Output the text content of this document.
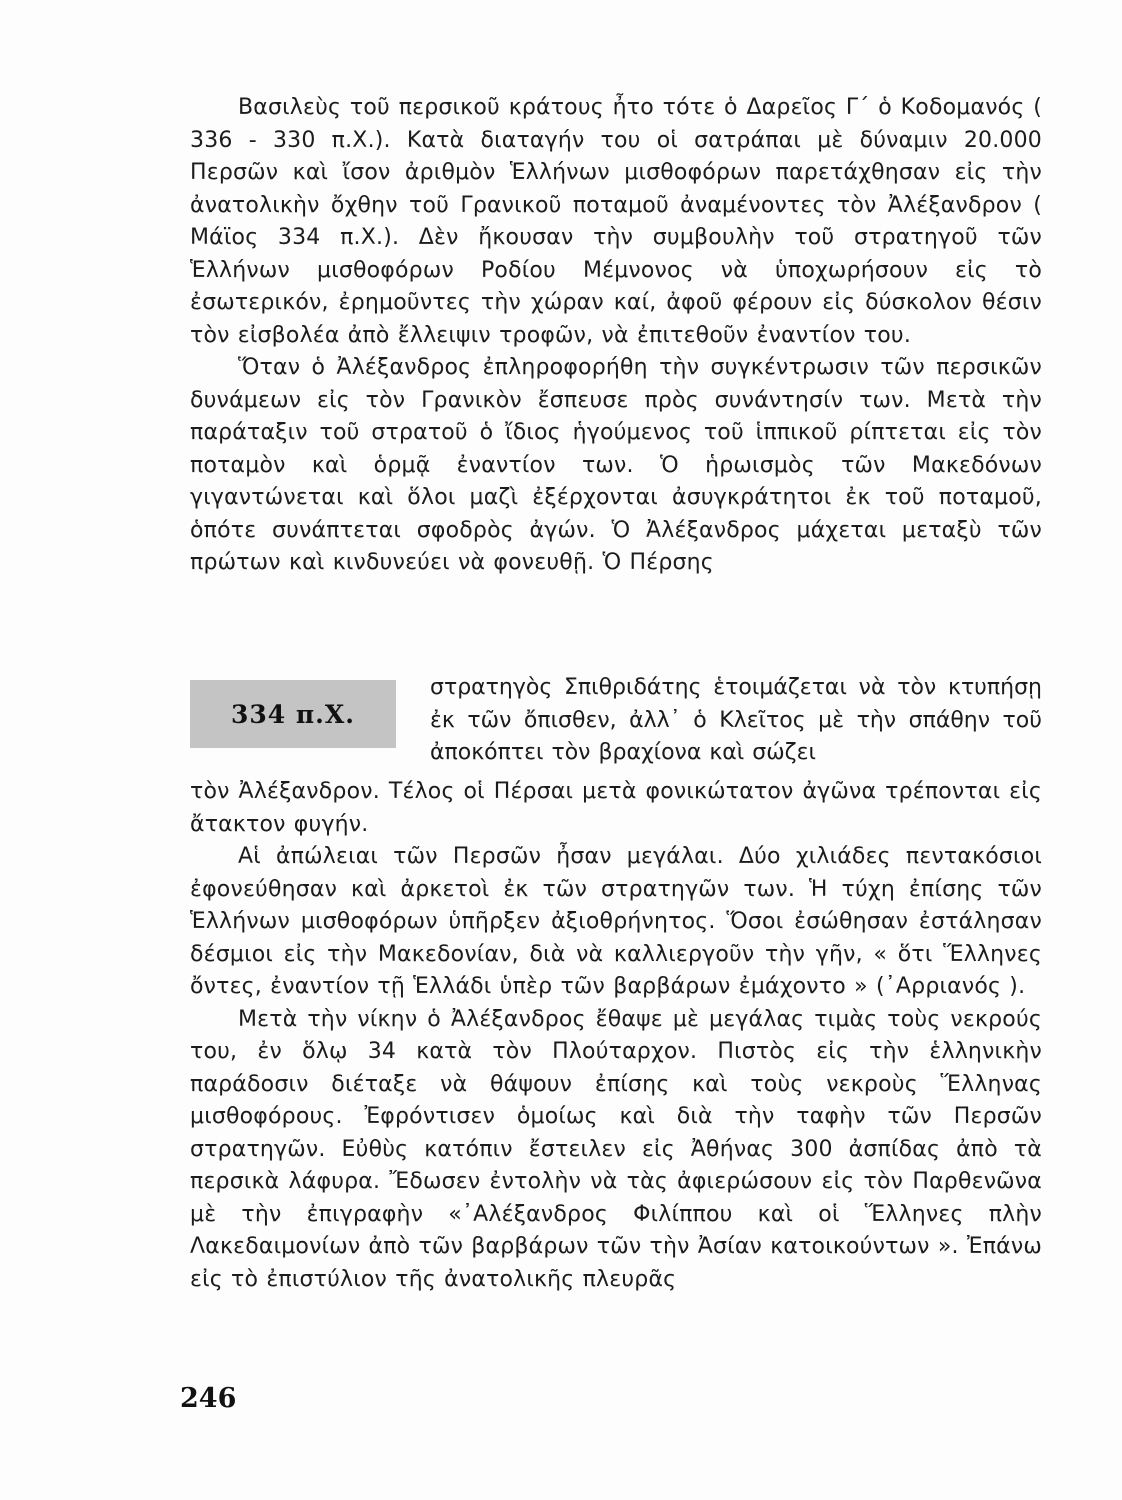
Βασιλεὺς τοῦ περσικοῦ κράτους ἦτο τότε ὁ Δαρεῖος Γ΄ ὁ Κοδομανός ( 336 - 330 π.Χ.). Κατὰ διαταγήν του οἱ σατράπαι μὲ δύναμιν 20.000 Περσῶν καὶ ἴσον ἀριθμὸν Ἑλλήνων μισθοφόρων παρετάχθησαν εἰς τὴν ἀνατολικὴν ὄχθην τοῦ Γρανικοῦ ποταμοῦ ἀναμένοντες τὸν Ἀλέξανδρον ( Μάϊος 334 π.Χ.). Δὲν ἤκουσαν τὴν συμβουλὴν τοῦ στρατηγοῦ τῶν Ἑλλήνων μισθοφόρων Ροδίου Μέμνονος νὰ ὑποχωρήσουν εἰς τὸ ἐσωτερικόν, ἐρημοῦντες τὴν χώραν καί, ἀφοῦ φέρουν εἰς δύσκολον θέσιν τὸν εἰσβολέα ἀπὸ ἔλλειψιν τροφῶν, νὰ ἐπιτεθοῦν ἐναντίον του.

Ὅταν ὁ Ἀλέξανδρος ἐπληροφορήθη τὴν συγκέντρωσιν τῶν περσικῶν δυνάμεων εἰς τὸν Γρανικὸν ἔσπευσε πρὸς συνάντησίν των. Μετὰ τὴν παράταξιν τοῦ στρατοῦ ὁ ἴδιος ἡγούμενος τοῦ ἱππικοῦ ρίπτεται εἰς τὸν ποταμὸν καὶ ὁρμᾷ ἐναντίον των. Ὁ ἡρωισμὸς τῶν Μακεδόνων γιγαντώνεται καὶ ὅλοι μαζὶ ἐξέρχονται ἀσυγκράτητοι ἐκ τοῦ ποταμοῦ, ὁπότε συνάπτεται σφοδρὸς ἀγών. Ὁ Ἀλέξανδρος μάχεται μεταξὺ τῶν πρώτων καὶ κινδυνεύει νὰ φονευθῇ. Ὁ Πέρσης

334 π.Χ.
στρατηγὸς Σπιθριδάτης ἑτοιμάζεται νὰ τὸν κτυπήσῃ ἐκ τῶν ὄπισθεν, ἀλλ᾽ ὁ Κλεῖτος μὲ τὴν σπάθην τοῦ ἀποκόπτει τὸν βραχίονα καὶ σώζει

τὸν Ἀλέξανδρον. Τέλος οἱ Πέρσαι μετὰ φονικώτατον ἀγῶνα τρέπονται εἰς ἄτακτον φυγήν.

Αἱ ἀπώλειαι τῶν Περσῶν ἦσαν μεγάλαι. Δύο χιλιάδες πεντακόσιοι ἐφονεύθησαν καὶ ἀρκετοὶ ἐκ τῶν στρατηγῶν των. Ἡ τύχη ἐπίσης τῶν Ἑλλήνων μισθοφόρων ὑπῆρξεν ἀξιοθρήνητος. Ὅσοι ἐσώθησαν ἐστάλησαν δέσμιοι εἰς τὴν Μακεδονίαν, διὰ νὰ καλλιεργοῦν τὴν γῆν, « ὅτι Ἕλληνες ὄντες, ἐναντίον τῇ Ἑλλάδι ὑπὲρ τῶν βαρβάρων ἐμάχοντο » (᾽Αρριανός ).

Μετὰ τὴν νίκην ὁ Ἀλέξανδρος ἔθαψε μὲ μεγάλας τιμὰς τοὺς νεκρούς του, ἐν ὅλῳ 34 κατὰ τὸν Πλούταρχον. Πιστὸς εἰς τὴν ἑλληνικὴν παράδοσιν διέταξε νὰ θάψουν ἐπίσης καὶ τοὺς νεκροὺς Ἕλληνας μισθοφόρους. Ἐφρόντισεν ὁμοίως καὶ διὰ τὴν ταφὴν τῶν Περσῶν στρατηγῶν. Εὐθὺς κατόπιν ἔστειλεν εἰς Ἀθήνας 300 ἀσπίδας ἀπὸ τὰ περσικὰ λάφυρα. Ἔδωσεν ἐντολὴν νὰ τὰς ἀφιερώσουν εἰς τὸν Παρθενῶνα μὲ τὴν ἐπιγραφὴν «᾽Αλέξανδρος Φιλίππου καὶ οἱ Ἕλληνες πλὴν Λακεδαιμονίων ἀπὸ τῶν βαρβάρων τῶν τὴν Ἀσίαν κατοικούντων ». Ἐπάνω εἰς τὸ ἐπιστύλιον τῆς ἀνατολικῆς πλευρᾶς

246
